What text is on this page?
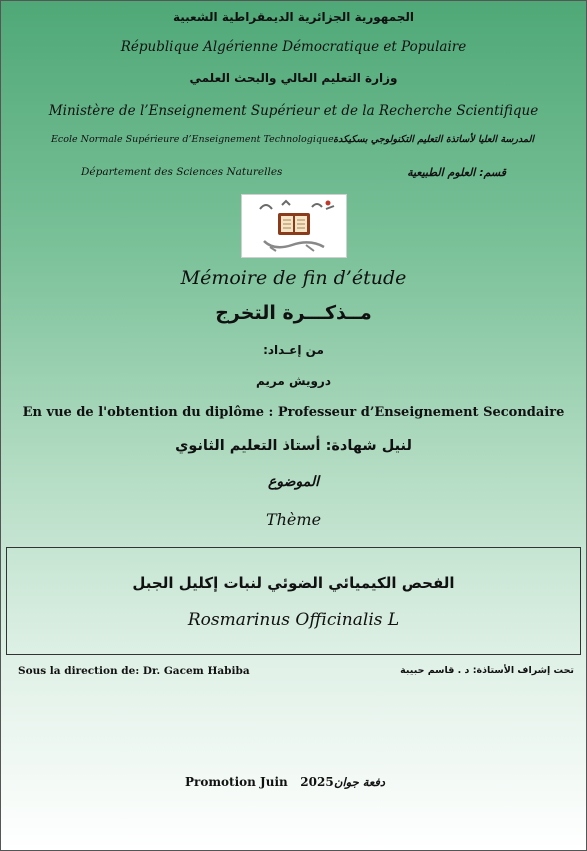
الجمهورية الجزائرية الديمقراطية الشعبية
République Algérienne Démocratique et Populaire
وزارة التعليم العالي والبحث العلمي
Ministère de l’Enseignement Supérieur et de la Recherche Scientifique
Ecole Normale Supérieure d’Enseignement Technologique المدرسة العليا لأساتذة التعليم التكنولوجي بسكيكدة
Département des Sciences Naturelles	قسم: العلوم الطبيعية
Mémoire de fin d’étude
مــذكـــرة التخرج
من إعـداد:
درويش مريم
En vue de l'obtention du diplôme : Professeur d’Enseignement Secondaire
لنيل شهادة: أستاذ التعليم الثانوي
الموضوع
Thème
الفحص الكيميائي الضوئي لنبات إكليل الجبل
Rosmarinus Officinalis L
Sous la direction de: Dr. Gacem Habiba	تحت إشراف الأستاذة: د . قاسم حبيبة
Promotion Juin   2025 دفعة جوان
